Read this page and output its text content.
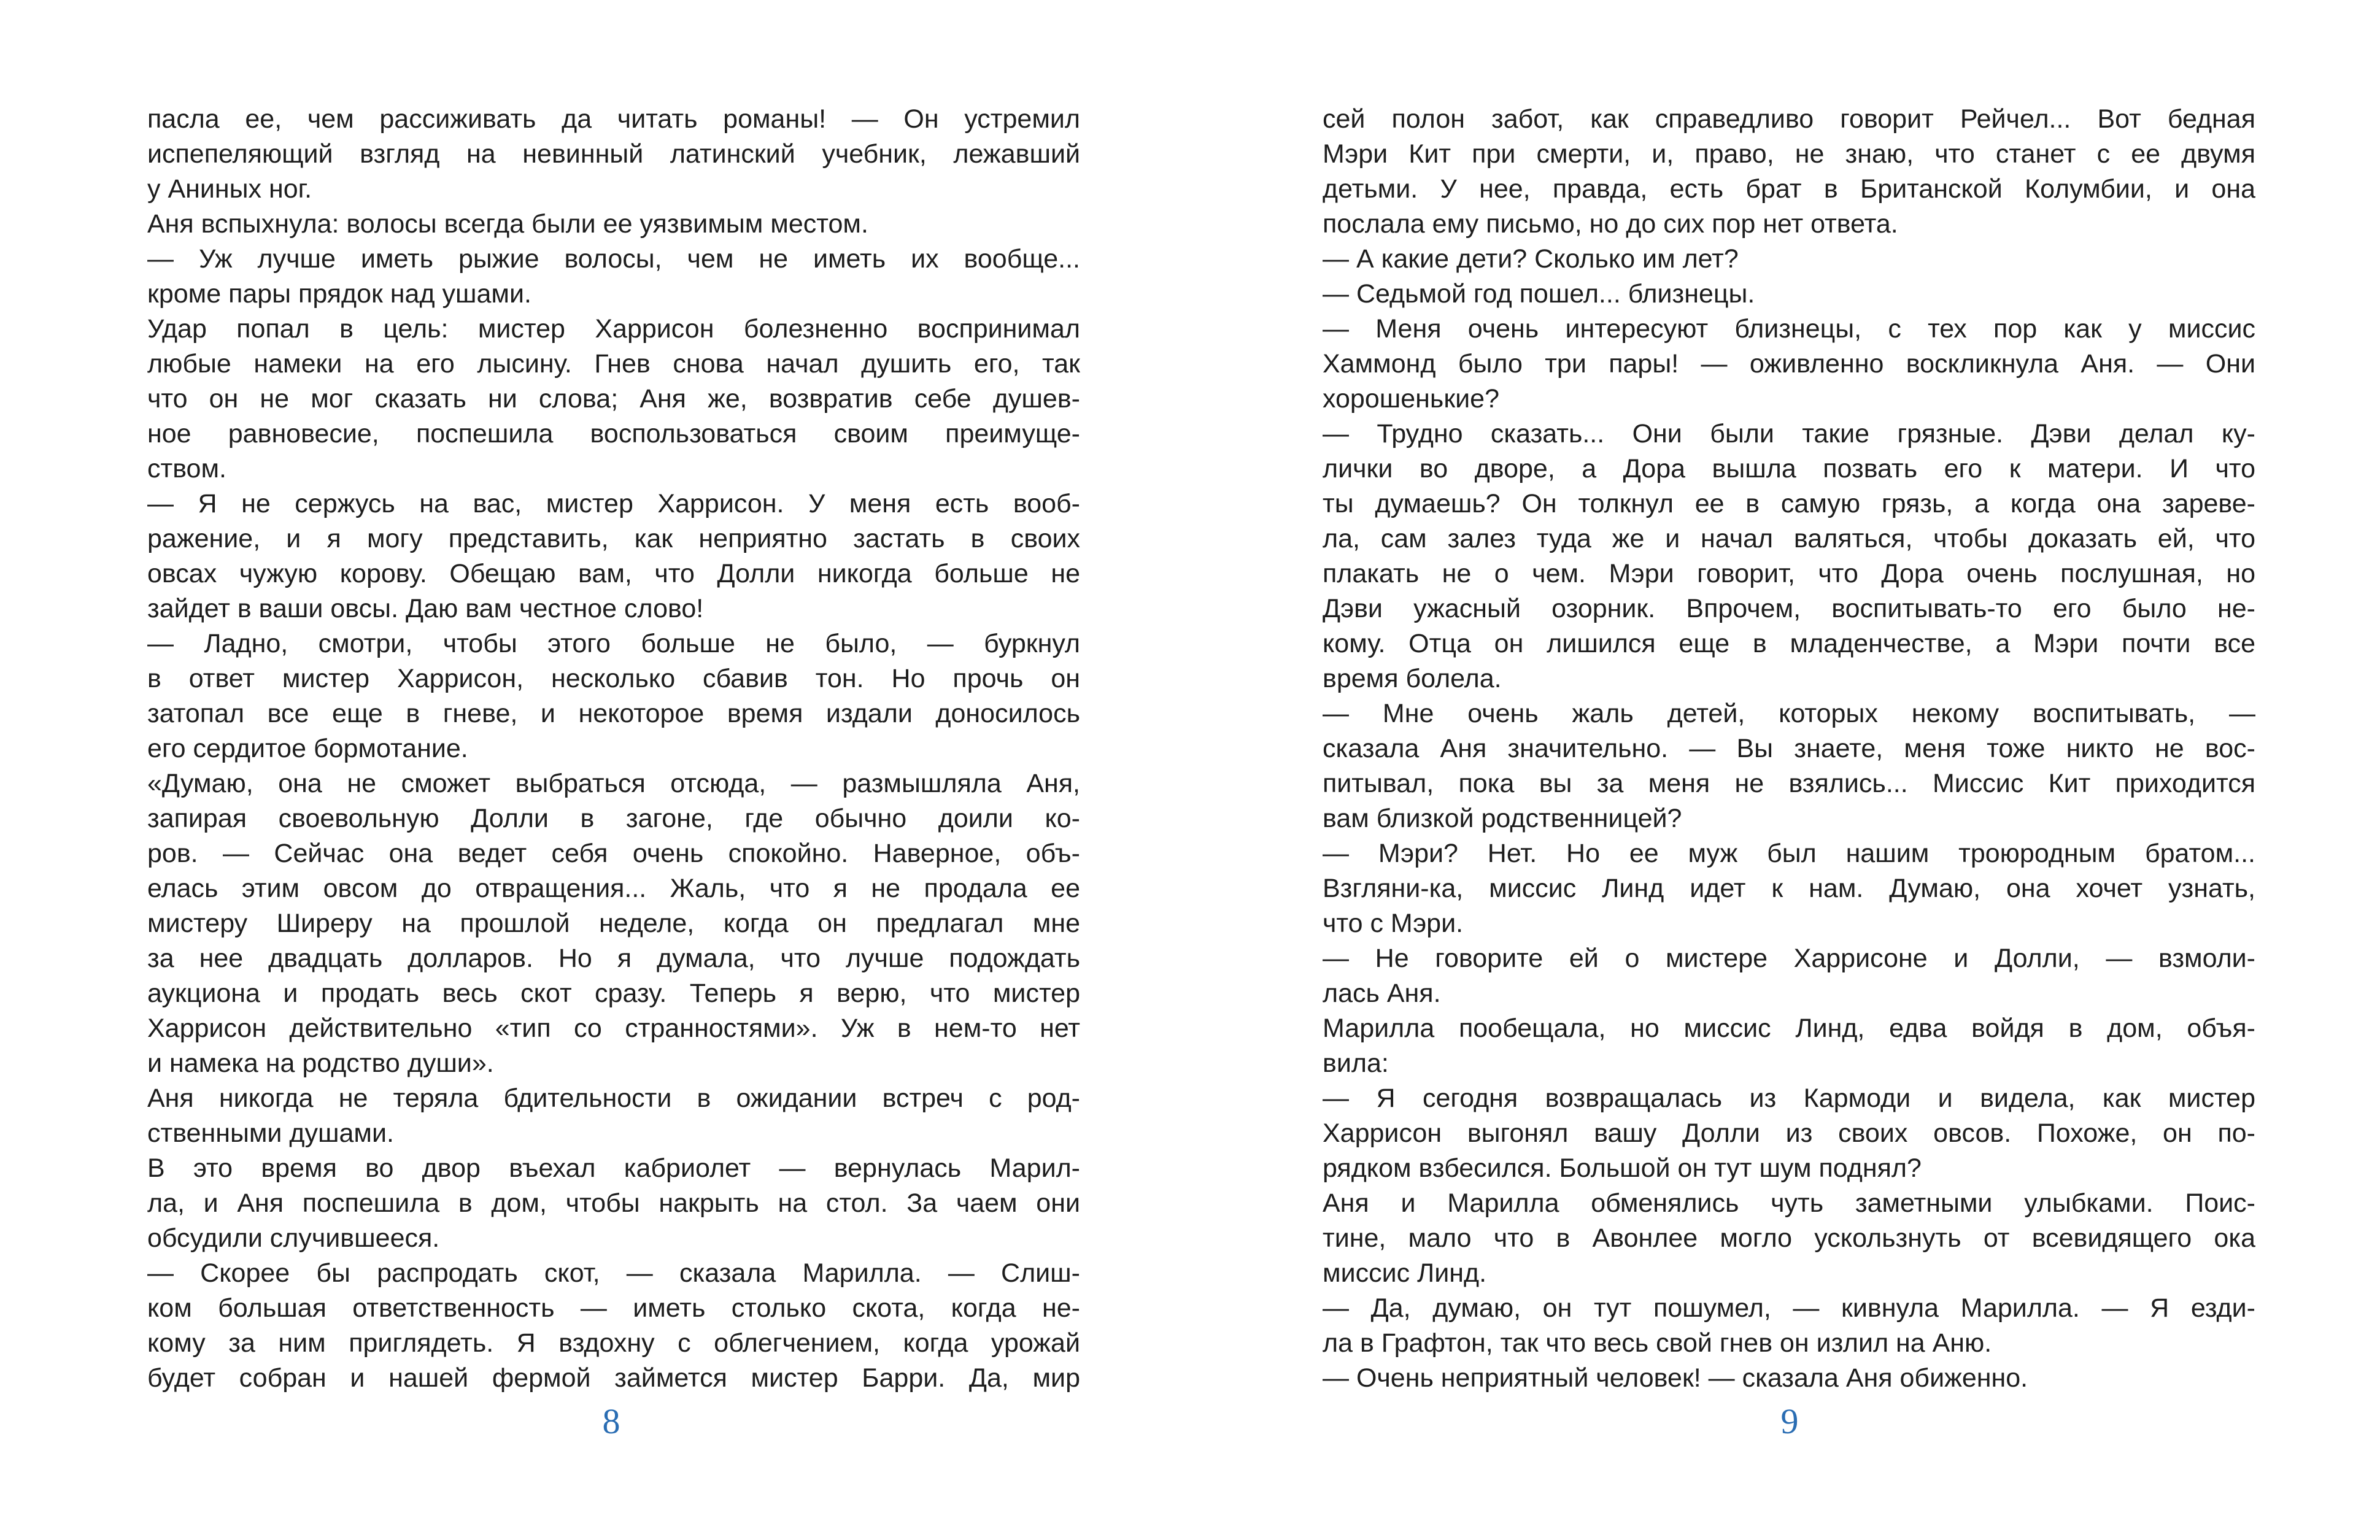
пасла ее, чем рассиживать да читать романы! — Он устремил
испепеляющий взгляд на невинный латинский учебник, лежавший
у Аниных ног.
Аня вспыхнула: волосы всегда были ее уязвимым местом.
— Уж лучше иметь рыжие волосы, чем не иметь их вообще...
кроме пары прядок над ушами.
Удар попал в цель: мистер Харрисон болезненно воспринимал
любые намеки на его лысину. Гнев снова начал душить его, так
что он не мог сказать ни слова; Аня же, возвратив себе душев-
ное равновесие, поспешила воспользоваться своим преимуще-
ством.
— Я не сержусь на вас, мистер Харрисон. У меня есть вооб-
ражение, и я могу представить, как неприятно застать в своих
овсах чужую корову. Обещаю вам, что Долли никогда больше не
зайдет в ваши овсы. Даю вам честное слово!
— Ладно, смотри, чтобы этого больше не было, — буркнул
в ответ мистер Харрисон, несколько сбавив тон. Но прочь он
затопал все еще в гневе, и некоторое время издали доносилось
его сердитое бормотание.
«Думаю, она не сможет выбраться отсюда, — размышляла Аня,
запирая своевольную Долли в загоне, где обычно доили ко-
ров. — Сейчас она ведет себя очень спокойно. Наверное, объ-
елась этим овсом до отвращения... Жаль, что я не продала ее
мистеру Ширеру на прошлой неделе, когда он предлагал мне
за нее двадцать долларов. Но я думала, что лучше подождать
аукциона и продать весь скот сразу. Теперь я верю, что мистер
Харрисон действительно «тип со странностями». Уж в нем-то нет
и намека на родство души».
Аня никогда не теряла бдительности в ожидании встреч с род-
ственными душами.
В это время во двор въехал кабриолет — вернулась Марил-
ла, и Аня поспешила в дом, чтобы накрыть на стол. За чаем они
обсудили случившееся.
— Скорее бы распродать скот, — сказала Марилла. — Слиш-
ком большая ответственность — иметь столько скота, когда не-
кому за ним приглядеть. Я вздохну с облегчением, когда урожай
будет собран и нашей фермой займется мистер Барри. Да, мир
8
сей полон забот, как справедливо говорит Рейчел... Вот бедная
Мэри Кит при смерти, и, право, не знаю, что станет с ее двумя
детьми. У нее, правда, есть брат в Британской Колумбии, и она
послала ему письмо, но до сих пор нет ответа.
— А какие дети? Сколько им лет?
— Седьмой год пошел... близнецы.
— Меня очень интересуют близнецы, с тех пор как у миссис
Хаммонд было три пары! — оживленно воскликнула Аня. — Они
хорошенькие?
— Трудно сказать... Они были такие грязные. Дэви делал ку-
лички во дворе, а Дора вышла позвать его к матери. И что
ты думаешь? Он толкнул ее в самую грязь, а когда она зареве-
ла, сам залез туда же и начал валяться, чтобы доказать ей, что
плакать не о чем. Мэри говорит, что Дора очень послушная, но
Дэви ужасный озорник. Впрочем, воспитывать-то его было не-
кому. Отца он лишился еще в младенчестве, а Мэри почти все
время болела.
— Мне очень жаль детей, которых некому воспитывать, —
сказала Аня значительно. — Вы знаете, меня тоже никто не вос-
питывал, пока вы за меня не взялись... Миссис Кит приходится
вам близкой родственницей?
— Мэри? Нет. Но ее муж был нашим троюродным братом...
Взгляни-ка, миссис Линд идет к нам. Думаю, она хочет узнать,
что с Мэри.
— Не говорите ей о мистере Харрисоне и Долли, — взмоли-
лась Аня.
Марилла пообещала, но миссис Линд, едва войдя в дом, объя-
вила:
— Я сегодня возвращалась из Кармоди и видела, как мистер
Харрисон выгонял вашу Долли из своих овсов. Похоже, он по-
рядком взбесился. Большой он тут шум поднял?
Аня и Марилла обменялись чуть заметными улыбками. Поис-
тине, мало что в Авонлее могло ускользнуть от всевидящего ока
миссис Линд.
— Да, думаю, он тут пошумел, — кивнула Марилла. — Я езди-
ла в Графтон, так что весь свой гнев он излил на Аню.
— Очень неприятный человек! — сказала Аня обиженно.
9
